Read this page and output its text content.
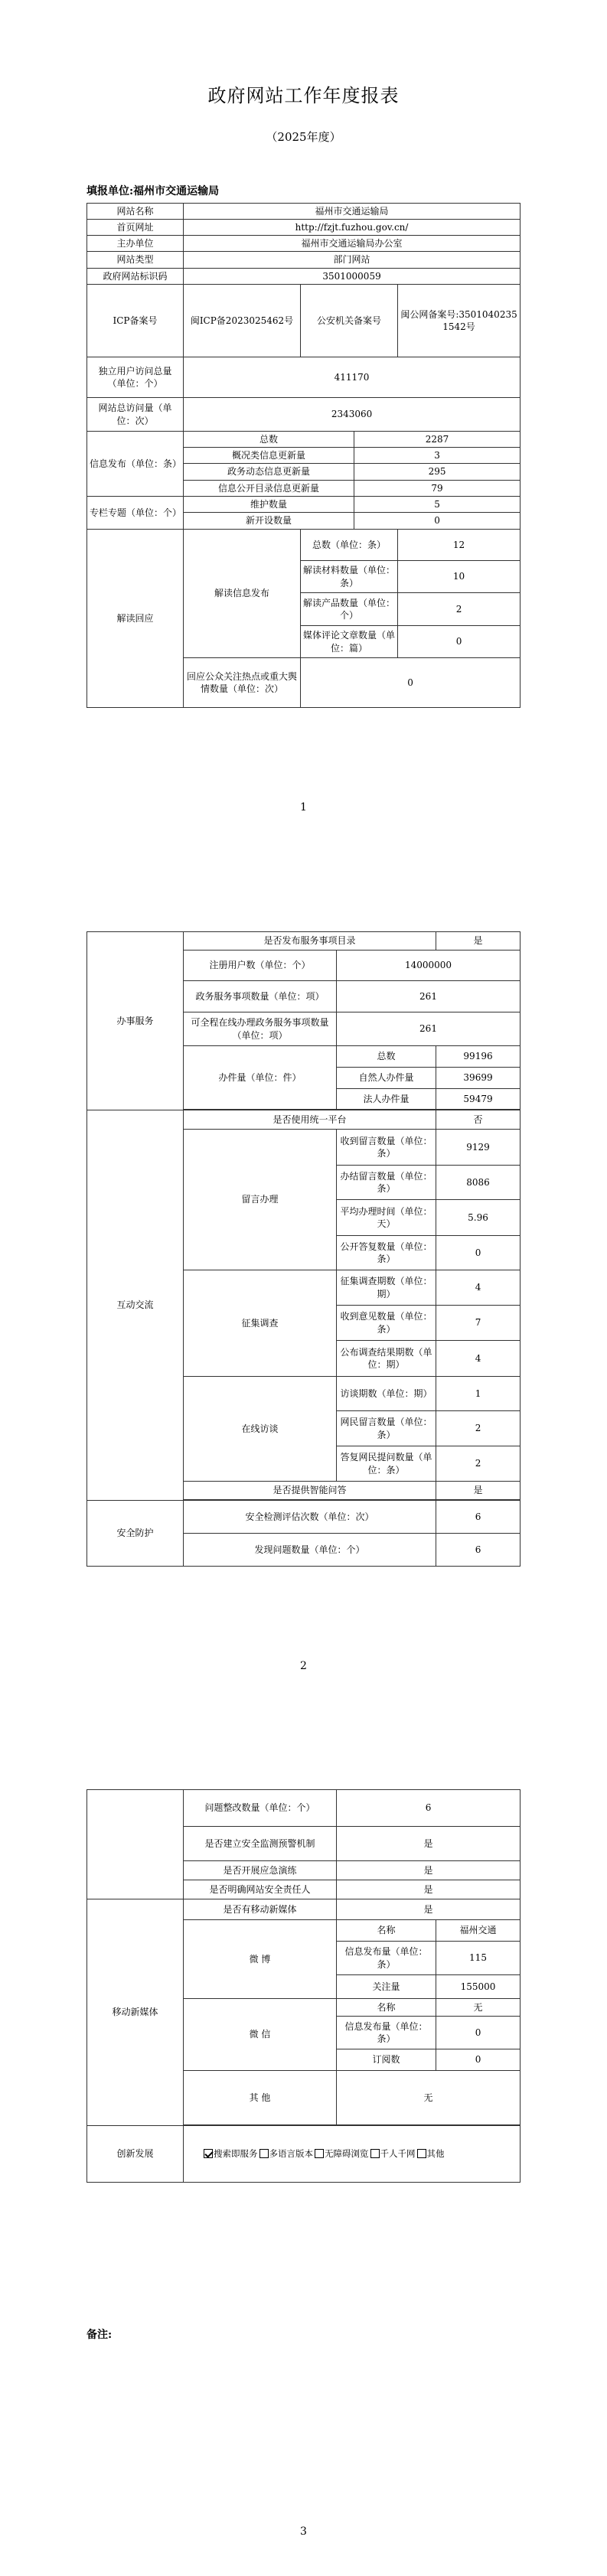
政府网站工作年度报表
（2025年度）
填报单位:福州市交通运输局
网站名称	福州市交通运输局			
首页网址	http://fzjt.fuzhou.gov.cn/			
主办单位	福州市交通运输局办公室			
网站类型	部门网站			
政府网站标识码	3501000059			
ICP备案号	闽ICP备2023025462号	公安机关备案号		闽公网备案号:35010402351542号
独立用户访问总量（单位：个）	411170			
网站总访问量（单位：次）	2343060			
信息发布（单位：条）	总数		2287	
	概况类信息更新量		3	
	政务动态信息更新量		295	
	信息公开目录信息更新量		79	
专栏专题（单位：个）	维护数量		5	
	新开设数量		0	
解读回应	解读信息发布	总数（单位：条）		12
		解读材料数量（单位：条）		10
		解读产品数量（单位：个）		2
		媒体评论文章数量（单位：篇）		0
	回应公众关注热点或重大舆情数量（单位：次）	0		
1
办事服务	是否发布服务事项目录		是
	注册用户数（单位：个）	14000000	
	政务服务事项数量（单位：项）	261	
	可全程在线办理政务服务事项数量（单位：项）	261	
	办件量（单位：件）	总数	99196
		自然人办件量	39699
		法人办件量	59479

互动交流	是否使用统一平台		否
	留言办理	收到留言数量（单位：条）	9129
		办结留言数量（单位：条）	8086
		平均办理时间（单位：天）	5.96
		公开答复数量（单位：条）	0
	征集调查	征集调查期数（单位：期）	4
		收到意见数量（单位：条）	7
		公布调查结果期数（单位：期）	4
	在线访谈	访谈期数（单位：期）	1
		网民留言数量（单位：条）	2
		答复网民提问数量（单位：条）	2
	是否提供智能问答		是

安全防护	安全检测评估次数（单位：次）		6
	发现问题数量（单位：个）		6
2
	问题整改数量（单位：个）	6	
	是否建立安全监测预警机制	是	
	是否开展应急演练	是	
	是否明确网站安全责任人	是	
移动新媒体	是否有移动新媒体	是	
	微 博	名称	福州交通
		信息发布量（单位：条）	115
		关注量	155000
	微 信	名称	无
		信息发布量（单位：条）	0
		订阅数	0
	其 他	无	

创新发展	搜索即服务 多语言版本 无障碍浏览 千人千网 其他		
备注:
3
